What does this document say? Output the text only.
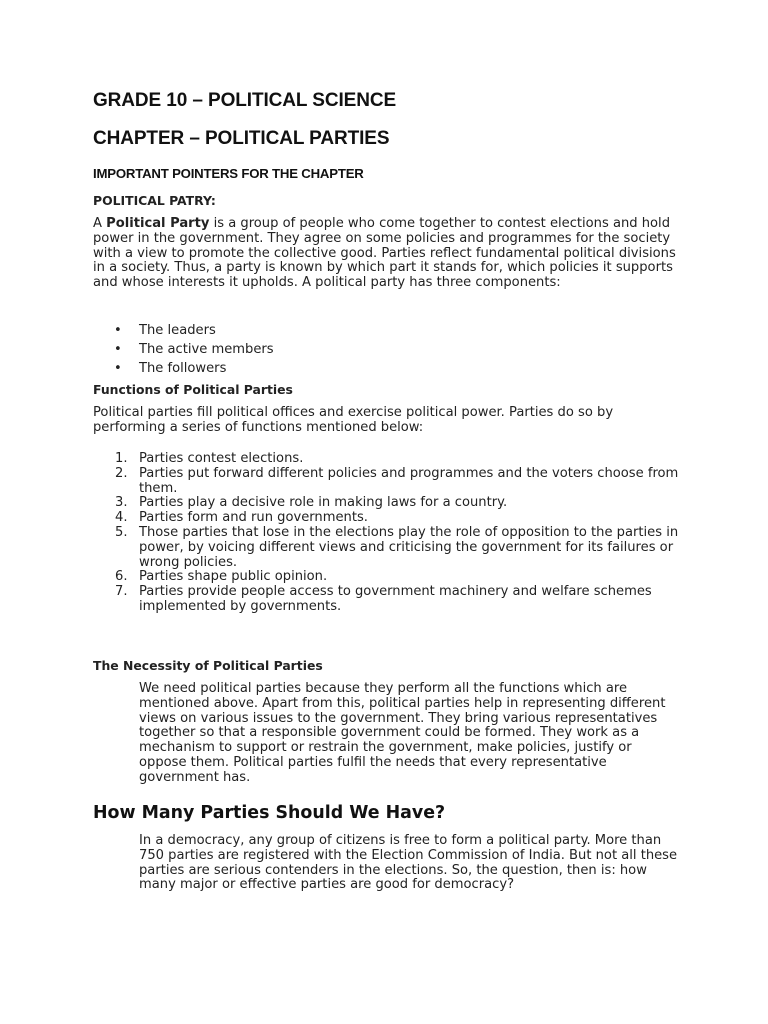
GRADE 10 – POLITICAL SCIENCE
CHAPTER – POLITICAL PARTIES
IMPORTANT POINTERS FOR THE CHAPTER
POLITICAL PATRY:

A Political Party is a group of people who come together to contest elections and hold power in the government. They agree on some policies and programmes for the society with a view to promote the collective good. Parties reflect fundamental political divisions in a society. Thus, a party is known by which part it stands for, which policies it supports and whose interests it upholds. A political party has three components:

• The leaders
• The active members
• The followers
Functions of Political Parties

Political parties fill political offices and exercise political power. Parties do so by performing a series of functions mentioned below:

1. Parties contest elections.
2. Parties put forward different policies and programmes and the voters choose from them.
3. Parties play a decisive role in making laws for a country.
4. Parties form and run governments.
5. Those parties that lose in the elections play the role of opposition to the parties in power, by voicing different views and criticising the government for its failures or wrong policies.
6. Parties shape public opinion.
7. Parties provide people access to government machinery and welfare schemes implemented by governments.
The Necessity of Political Parties

We need political parties because they perform all the functions which are mentioned above. Apart from this, political parties help in representing different views on various issues to the government. They bring various representatives together so that a responsible government could be formed. They work as a mechanism to support or restrain the government, make policies, justify or oppose them. Political parties fulfil the needs that every representative government has.

How Many Parties Should We Have?

In a democracy, any group of citizens is free to form a political party. More than 750 parties are registered with the Election Commission of India. But not all these parties are serious contenders in the elections. So, the question, then is: how many major or effective parties are good for democracy?
